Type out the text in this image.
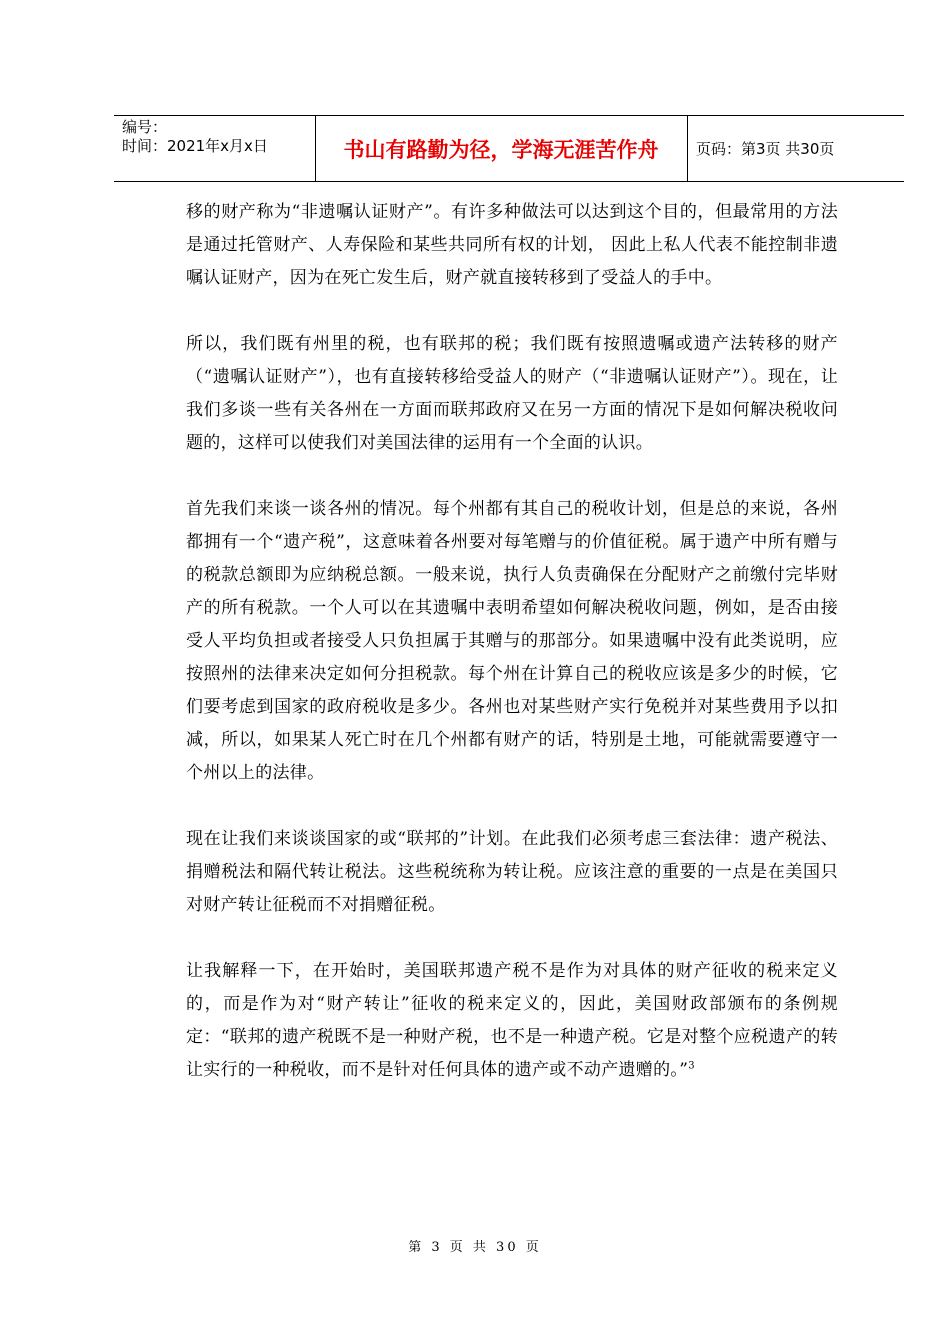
编号：
时间：2021年x月x日	书山有路勤为径，学海无涯苦作舟	页码：第3页 共30页

移的财产称为“非遗嘱认证财产”。有许多种做法可以达到这个目的，但最常用的方法是通过托管财产、人寿保险和某些共同所有权的计划， 因此上私人代表不能控制非遗嘱认证财产，因为在死亡发生后，财产就直接转移到了受益人的手中。

所以，我们既有州里的税，也有联邦的税；我们既有按照遗嘱或遗产法转移的财产（“遗嘱认证财产”），也有直接转移给受益人的财产（“非遗嘱认证财产”）。现在，让我们多谈一些有关各州在一方面而联邦政府又在另一方面的情况下是如何解决税收问题的，这样可以使我们对美国法律的运用有一个全面的认识。

首先我们来谈一谈各州的情况。每个州都有其自己的税收计划，但是总的来说，各州都拥有一个“遗产税”，这意味着各州要对每笔赠与的价值征税。属于遗产中所有赠与的税款总额即为应纳税总额。一般来说，执行人负责确保在分配财产之前缴付完毕财产的所有税款。一个人可以在其遗嘱中表明希望如何解决税收问题，例如，是否由接受人平均负担或者接受人只负担属于其赠与的那部分。如果遗嘱中没有此类说明，应按照州的法律来决定如何分担税款。每个州在计算自己的税收应该是多少的时候，它们要考虑到国家的政府税收是多少。各州也对某些财产实行免税并对某些费用予以扣减，所以，如果某人死亡时在几个州都有财产的话，特别是土地，可能就需要遵守一个州以上的法律。

现在让我们来谈谈国家的或“联邦的”计划。在此我们必须考虑三套法律：遗产税法、捐赠税法和隔代转让税法。这些税统称为转让税。应该注意的重要的一点是在美国只对财产转让征税而不对捐赠征税。

让我解释一下，在开始时，美国联邦遗产税不是作为对具体的财产征收的税来定义的，而是作为对“财产转让”征收的税来定义的，因此，美国财政部颁布的条例规定：“联邦的遗产税既不是一种财产税，也不是一种遗产税。它是对整个应税遗产的转让实行的一种税收，而不是针对任何具体的遗产或不动产遗赠的。”$^3$

第 3 页 共 30 页
